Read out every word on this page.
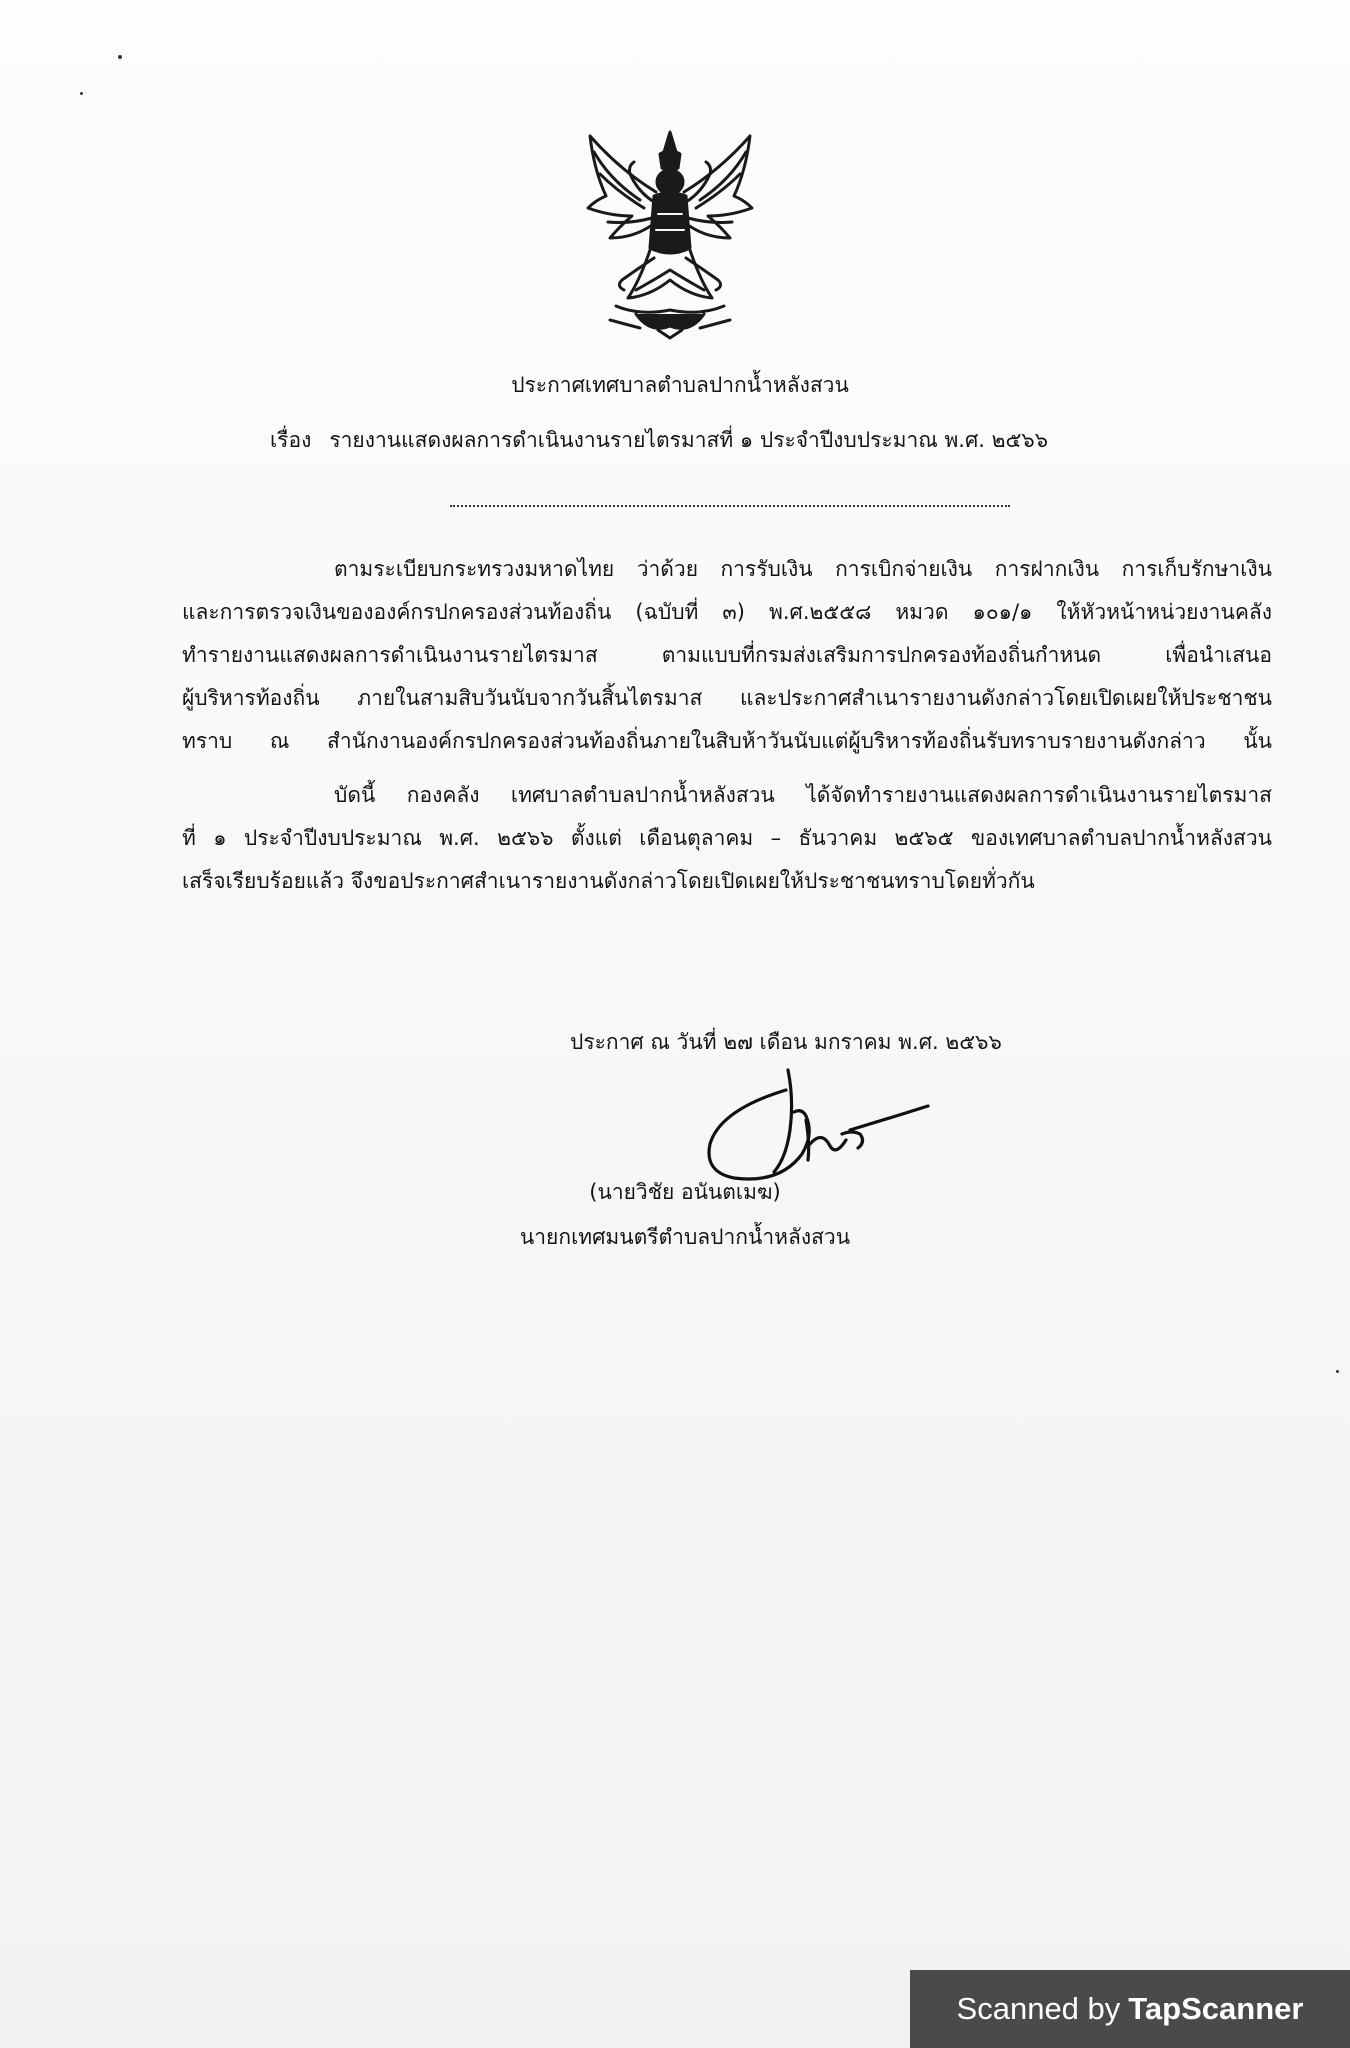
ประกาศเทศบาลตำบลปากน้ำหลังสวน
เรื่อง รายงานแสดงผลการดำเนินงานรายไตรมาสที่ ๑ ประจำปีงบประมาณ พ.ศ. ๒๕๖๖
ตามระเบียบกระทรวงมหาดไทย ว่าด้วย การรับเงิน การเบิกจ่ายเงิน การฝากเงิน การเก็บรักษาเงิน
และการตรวจเงินขององค์กรปกครองส่วนท้องถิ่น (ฉบับที่ ๓) พ.ศ.๒๕๕๘ หมวด ๑๐๑/๑ ให้หัวหน้าหน่วยงานคลัง
ทำรายงานแสดงผลการดำเนินงานรายไตรมาส ตามแบบที่กรมส่งเสริมการปกครองท้องถิ่นกำหนด เพื่อนำเสนอ
ผู้บริหารท้องถิ่น ภายในสามสิบวันนับจากวันสิ้นไตรมาส และประกาศสำเนารายงานดังกล่าวโดยเปิดเผยให้ประชาชน
ทราบ ณ สำนักงานองค์กรปกครองส่วนท้องถิ่นภายในสิบห้าวันนับแต่ผู้บริหารท้องถิ่นรับทราบรายงานดังกล่าว นั้น
บัดนี้ กองคลัง เทศบาลตำบลปากน้ำหลังสวน ได้จัดทำรายงานแสดงผลการดำเนินงานรายไตรมาส
ที่ ๑ ประจำปีงบประมาณ พ.ศ. ๒๕๖๖ ตั้งแต่ เดือนตุลาคม – ธันวาคม ๒๕๖๕ ของเทศบาลตำบลปากน้ำหลังสวน
เสร็จเรียบร้อยแล้ว จึงขอประกาศสำเนารายงานดังกล่าวโดยเปิดเผยให้ประชาชนทราบโดยทั่วกัน
ประกาศ ณ วันที่ ๒๗ เดือน มกราคม พ.ศ. ๒๕๖๖
(นายวิชัย อนันตเมฆ)
นายกเทศมนตรีตำบลปากน้ำหลังสวน
Scanned by TapScanner
